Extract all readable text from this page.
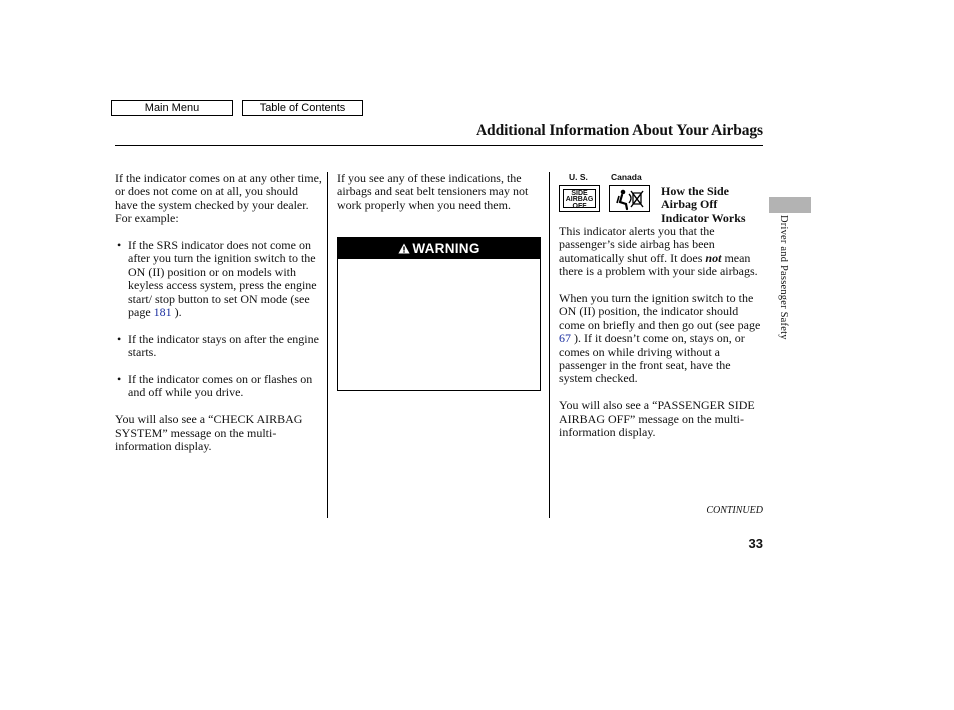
Main Menu	Table of Contents
Additional Information About Your Airbags

If the indicator comes on at any other time, or does not come on at all, you should have the system checked by your dealer. For example:

• If the SRS indicator does not come on after you turn the ignition switch to the ON (II) position or on models with keyless access system, press the engine start/ stop button to set ON mode (see page 181 ).
• If the indicator stays on after the engine starts.
• If the indicator comes on or flashes on and off while you drive.

You will also see a “CHECK AIRBAG SYSTEM” message on the multi-information display.

If you see any of these indications, the airbags and seat belt tensioners may not work properly when you need them.

WARNING
U. S.	Canada
SIDE
AIRBAG
OFF
How the Side Airbag Off Indicator Works

This indicator alerts you that the passenger’s side airbag has been automatically shut off. It does not mean there is a problem with your side airbags.

When you turn the ignition switch to the ON (II) position, the indicator should come on briefly and then go out (see page 67 ). If it doesn’t come on, stays on, or comes on while driving without a passenger in the front seat, have the system checked.

You will also see a “PASSENGER SIDE AIRBAG OFF” message on the multi-information display.

CONTINUED
33
Driver and Passenger Safety
